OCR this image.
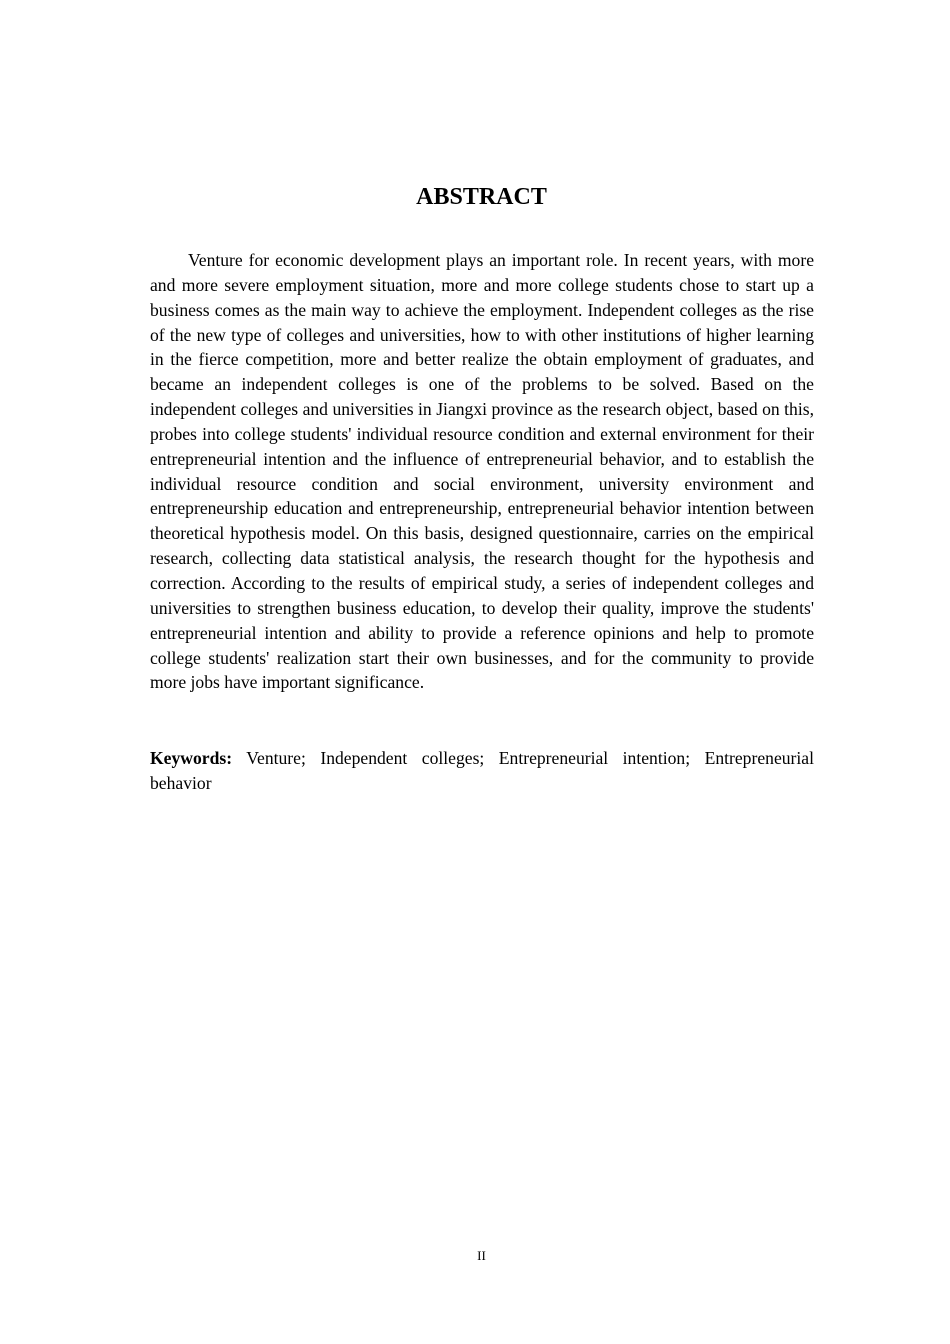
ABSTRACT

Venture for economic development plays an important role. In recent years, with more and more severe employment situation, more and more college students chose to start up a business comes as the main way to achieve the employment. Independent colleges as the rise of the new type of colleges and universities, how to with other institutions of higher learning in the fierce competition, more and better realize the obtain employment of graduates, and became an independent colleges is one of the problems to be solved. Based on the independent colleges and universities in Jiangxi province as the research object, based on this, probes into college students' individual resource condition and external environment for their entrepreneurial intention and the influence of entrepreneurial behavior, and to establish the individual resource condition and social environment, university environment and entrepreneurship education and entrepreneurship, entrepreneurial behavior intention between theoretical hypothesis model. On this basis, designed questionnaire, carries on the empirical research, collecting data statistical analysis, the research thought for the hypothesis and correction. According to the results of empirical study, a series of independent colleges and universities to strengthen business education, to develop their quality, improve the students' entrepreneurial intention and ability to provide a reference opinions and help to promote college students' realization start their own businesses, and for the community to provide more jobs have important significance.

Keywords: Venture; Independent colleges; Entrepreneurial intention; Entrepreneurial behavior

II
